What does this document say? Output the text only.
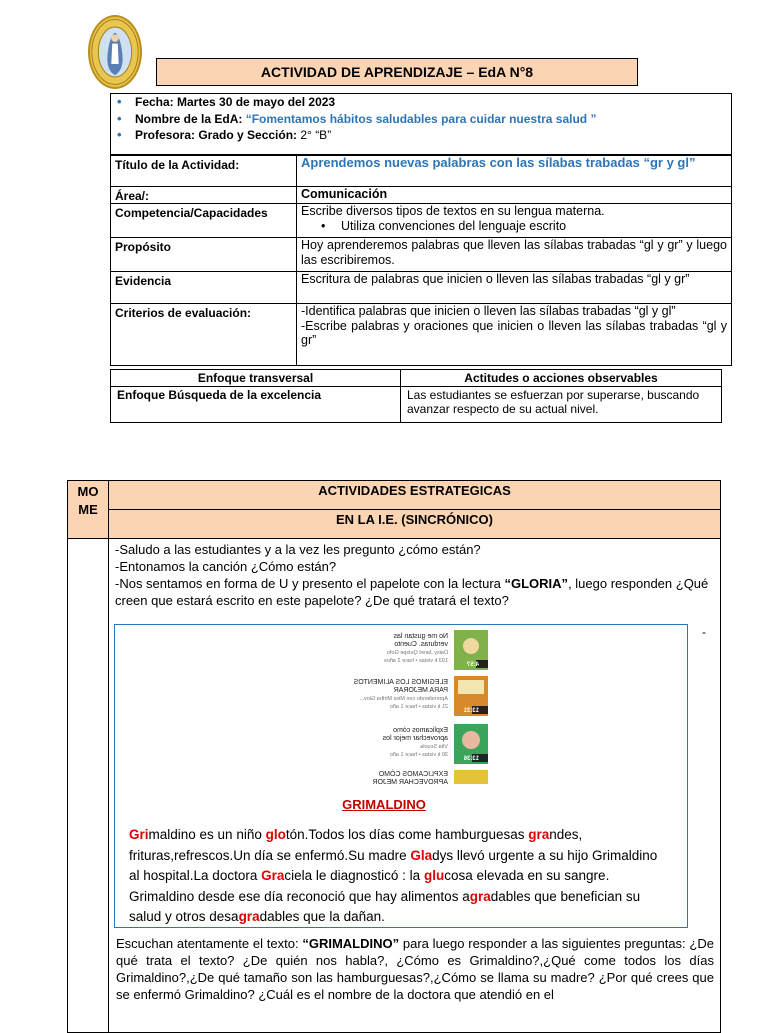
ACTIVIDAD DE APRENDIZAJE – EdA N°8
• Fecha: Martes 30 de mayo del 2023
• Nombre de la EdA: “Fomentamos hábitos saludables para cuidar nuestra salud ”
• Profesora: Grado y Sección: 2° “B”
Título de la Actividad:	Aprendemos nuevas palabras con las sílabas trabadas “gr y gl”
Área/:	Comunicación
Competencia/Capacidades	Escribe diversos tipos de textos en su lengua materna.
• Utiliza convenciones del lenguaje escrito

Propósito	Hoy aprenderemos palabras que lleven las sílabas trabadas “gl y gr” y luego las escribiremos.
Evidencia	Escritura de palabras que inicien o lleven las sílabas trabadas “gl y gr”
Criterios de evaluación:	-Identifica palabras que inicien o lleven las sílabas trabadas “gl y gl”
-Escribe palabras y oraciones que inicien o lleven las sílabas trabadas “gl y gr”
Enfoque transversal	Actitudes o acciones observables
Enfoque Búsqueda de la excelencia	Las estudiantes se esfuerzan por superarse, buscando avanzar respecto de su actual nivel.
MO ME	ACTIVIDADES ESTRATEGICAS
	EN LA I.E. (SINCRÓNICO)

	-Saludo a las estudiantes y a la vez les pregunto ¿cómo están?

-Entonamos la canción ¿Cómo están?

-Nos sentamos en forma de U y presento el papelote con la lectura “GLORIA”, luego responden ¿Qué creen que estará escrito en este papelote? ¿De qué tratará el texto?

-
No me gustan las
verduras. Cuento
Daisy Janet Quispe Gofo
193 k vistas • hace 2 años
4:5?
ELEGIMOS LOS ALIMENTOS
PARA MEJORAR
Aprendiendo con Miss Mirtha Giov...
21 k vistas • hace 1 año
13:31
Explicamos cómo
aprovechar mejor los
Vita Scuola
30 k vistas • hace 1 año
13:36
EXPLICAMOS CÓMO
APROVECHAR MEJOR
GRIMALDINO

Grimaldino es un niño glotón.Todos los días come hamburguesas grandes,

frituras,refrescos.Un día se enfermó.Su madre Gladys llevó urgente a su hijo Grimaldino

al hospital.La doctora Graciela le diagnosticó : la glucosa elevada en su sangre.

Grimaldino desde ese día reconoció que hay alimentos agradables que benefician su

salud y otros desagradables que la dañan.

Escuchan atentamente el texto: “GRIMALDINO” para luego responder a las siguientes preguntas: ¿De qué trata el texto? ¿De quién nos habla?, ¿Cómo es Grimaldino?,¿Qué come todos los días Grimaldino?,¿De qué tamaño son las hamburguesas?,¿Cómo se llama su madre? ¿Por qué crees que se enfermó Grimaldino? ¿Cuál es el nombre de la doctora que atendió en el
